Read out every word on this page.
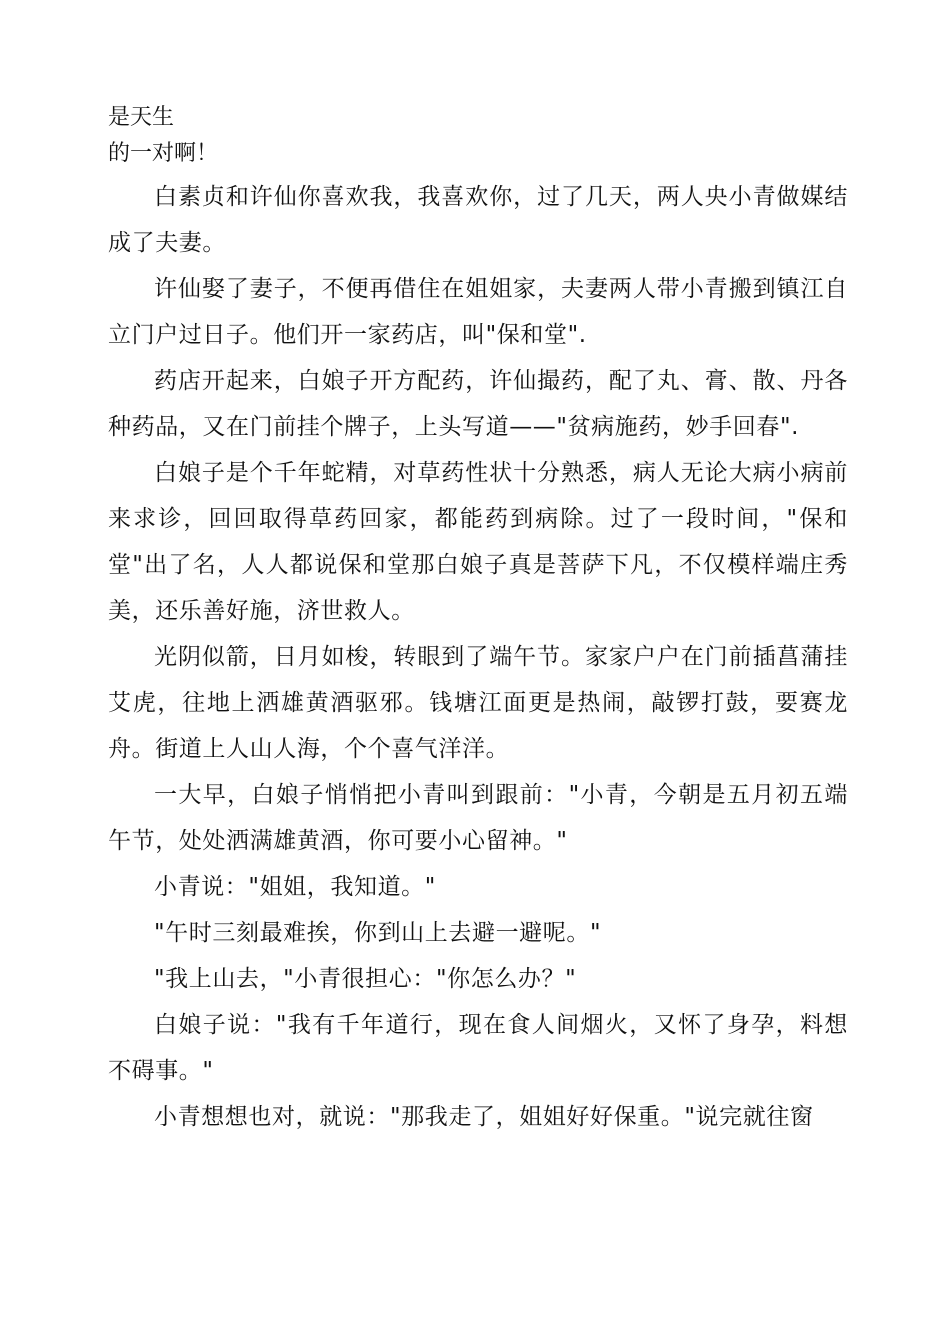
是天生

的一对啊！

白素贞和许仙你喜欢我，我喜欢你，过了几天，两人央小青做媒结成了夫妻。

许仙娶了妻子，不便再借住在姐姐家，夫妻两人带小青搬到镇江自立门户过日子。他们开一家药店，叫"保和堂".

药店开起来，白娘子开方配药，许仙撮药，配了丸、膏、散、丹各种药品，又在门前挂个牌子，上头写道——"贫病施药，妙手回春".

白娘子是个千年蛇精，对草药性状十分熟悉，病人无论大病小病前来求诊，回回取得草药回家，都能药到病除。过了一段时间，"保和堂"出了名，人人都说保和堂那白娘子真是菩萨下凡，不仅模样端庄秀美，还乐善好施，济世救人。

光阴似箭，日月如梭，转眼到了端午节。家家户户在门前插菖蒲挂艾虎，往地上洒雄黄酒驱邪。钱塘江面更是热闹，敲锣打鼓，要赛龙舟。街道上人山人海，个个喜气洋洋。

一大早，白娘子悄悄把小青叫到跟前："小青，今朝是五月初五端午节，处处洒满雄黄酒，你可要小心留神。"

小青说："姐姐，我知道。"

"午时三刻最难挨，你到山上去避一避呢。"

"我上山去，"小青很担心："你怎么办？"

白娘子说："我有千年道行，现在食人间烟火，又怀了身孕，料想不碍事。"

小青想想也对，就说："那我走了，姐姐好好保重。"说完就往窗
